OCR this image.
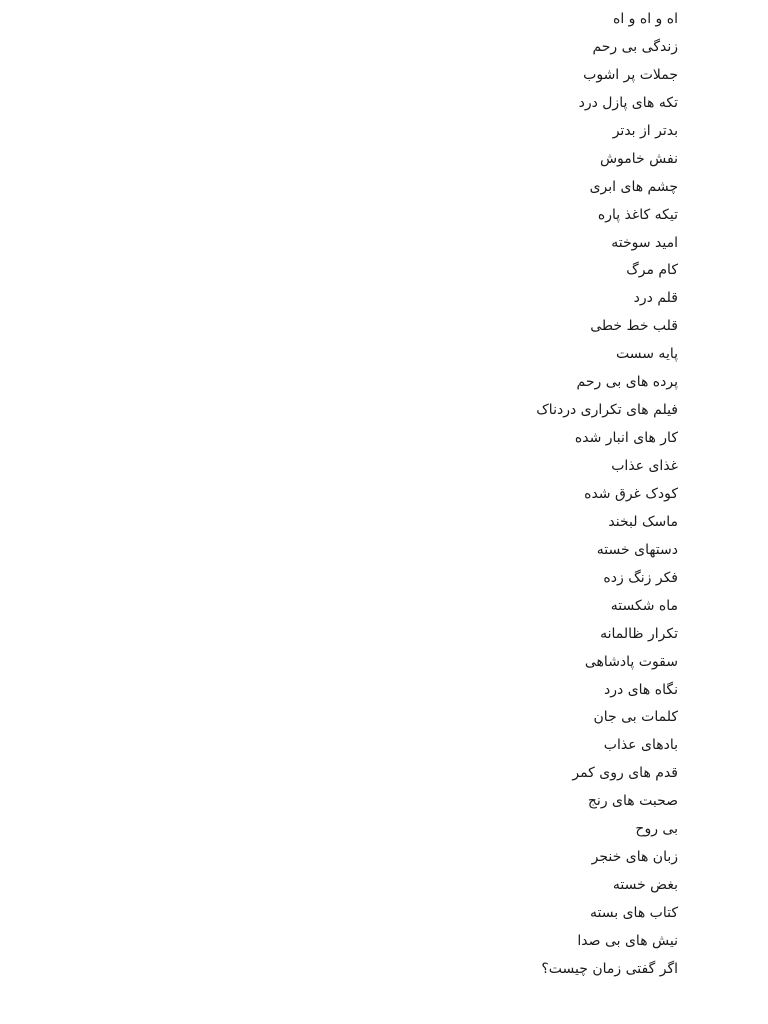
اه و اه و اه
زندگی بی رحم
جملات پر اشوب
تکه های پازل درد
بدتر از بدتر
نفش خاموش
چشم های ابری
تیکه کاغذ پاره
امید سوخته
کام مرگ
قلم درد
قلب خط خطی
پایه سست
پرده های بی رحم
فیلم های تکراری دردناک
کار های انبار شده
غذای عذاب
کودک غرق شده
ماسک لبخند
دستهای خسته
فکر زنگ زده
ماه شکسته
تکرار ظالمانه
سقوت پادشاهی
نگاه های درد
کلمات بی جان
بادهای عذاب
قدم های روی کمر
صحبت های رنج
بی روح
زبان های خنجر
بغض خسته
کتاب های بسته
نیش های بی صدا
اگر گفتی زمان چیست؟
